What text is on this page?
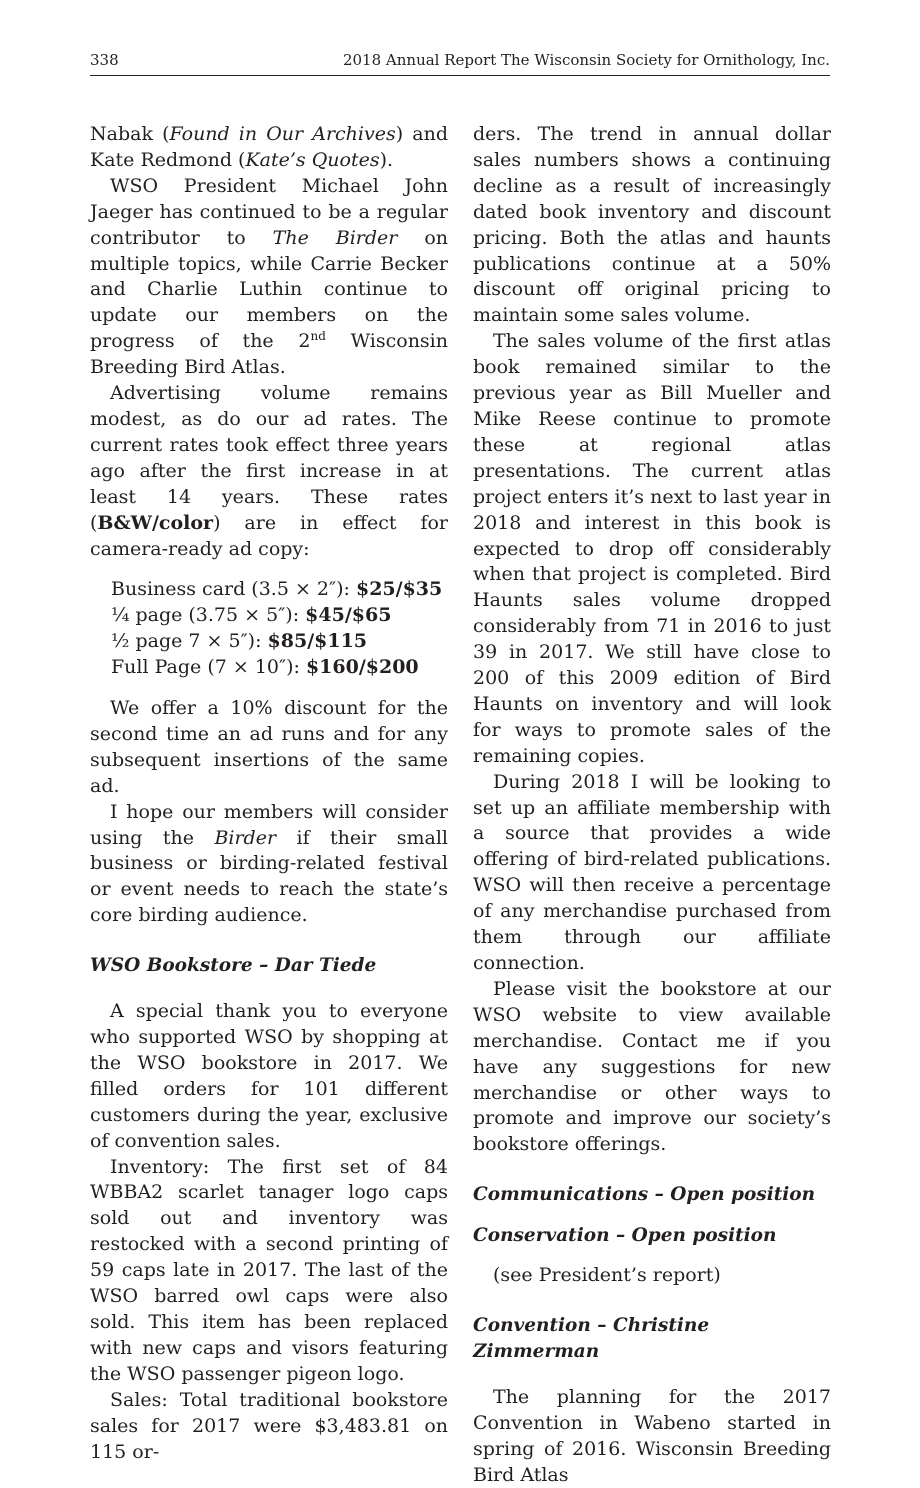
338	2018 Annual Report The Wisconsin Society for Ornithology, Inc.

Nabak (Found in Our Archives) and Kate Redmond (Kate’s Quotes).

WSO President Michael John Jaeger has continued to be a regular contributor to The Birder on multiple topics, while Carrie Becker and Charlie Luthin continue to update our members on the progress of the 2nd Wisconsin Breeding Bird Atlas.

Advertising volume remains modest, as do our ad rates. The current rates took effect three years ago after the first increase in at least 14 years. These rates (B&W/color) are in effect for camera-ready ad copy:

Business card (3.5 × 2″): $25/$35
¼ page (3.75 × 5″): $45/$65
½ page 7 × 5″): $85/$115
Full Page (7 × 10″): $160/$200

We offer a 10% discount for the second time an ad runs and for any subsequent insertions of the same ad.

I hope our members will consider using the Birder if their small business or birding-related festival or event needs to reach the state’s core birding audience.

WSO Bookstore – Dar Tiede

A special thank you to everyone who supported WSO by shopping at the WSO bookstore in 2017. We filled orders for 101 different customers during the year, exclusive of convention sales.

Inventory: The first set of 84 WBBA2 scarlet tanager logo caps sold out and inventory was restocked with a second printing of 59 caps late in 2017. The last of the WSO barred owl caps were also sold. This item has been replaced with new caps and visors featuring the WSO passenger pigeon logo.

Sales: Total traditional bookstore sales for 2017 were $3,483.81 on 115 or-

ders. The trend in annual dollar sales numbers shows a continuing decline as a result of increasingly dated book inventory and discount pricing. Both the atlas and haunts publications continue at a 50% discount off original pricing to maintain some sales volume.

The sales volume of the first atlas book remained similar to the previous year as Bill Mueller and Mike Reese continue to promote these at regional atlas presentations. The current atlas project enters it’s next to last year in 2018 and interest in this book is expected to drop off considerably when that project is completed. Bird Haunts sales volume dropped considerably from 71 in 2016 to just 39 in 2017. We still have close to 200 of this 2009 edition of Bird Haunts on inventory and will look for ways to promote sales of the remaining copies.

During 2018 I will be looking to set up an affiliate membership with a source that provides a wide offering of bird-related publications. WSO will then receive a percentage of any merchandise purchased from them through our affiliate connection.

Please visit the bookstore at our WSO website to view available merchandise. Contact me if you have any suggestions for new merchandise or other ways to promote and improve our society’s bookstore offerings.

Communications – Open position
Conservation – Open position

(see President’s report)

Convention – Christine Zimmerman

The planning for the 2017 Convention in Wabeno started in spring of 2016. Wisconsin Breeding Bird Atlas
